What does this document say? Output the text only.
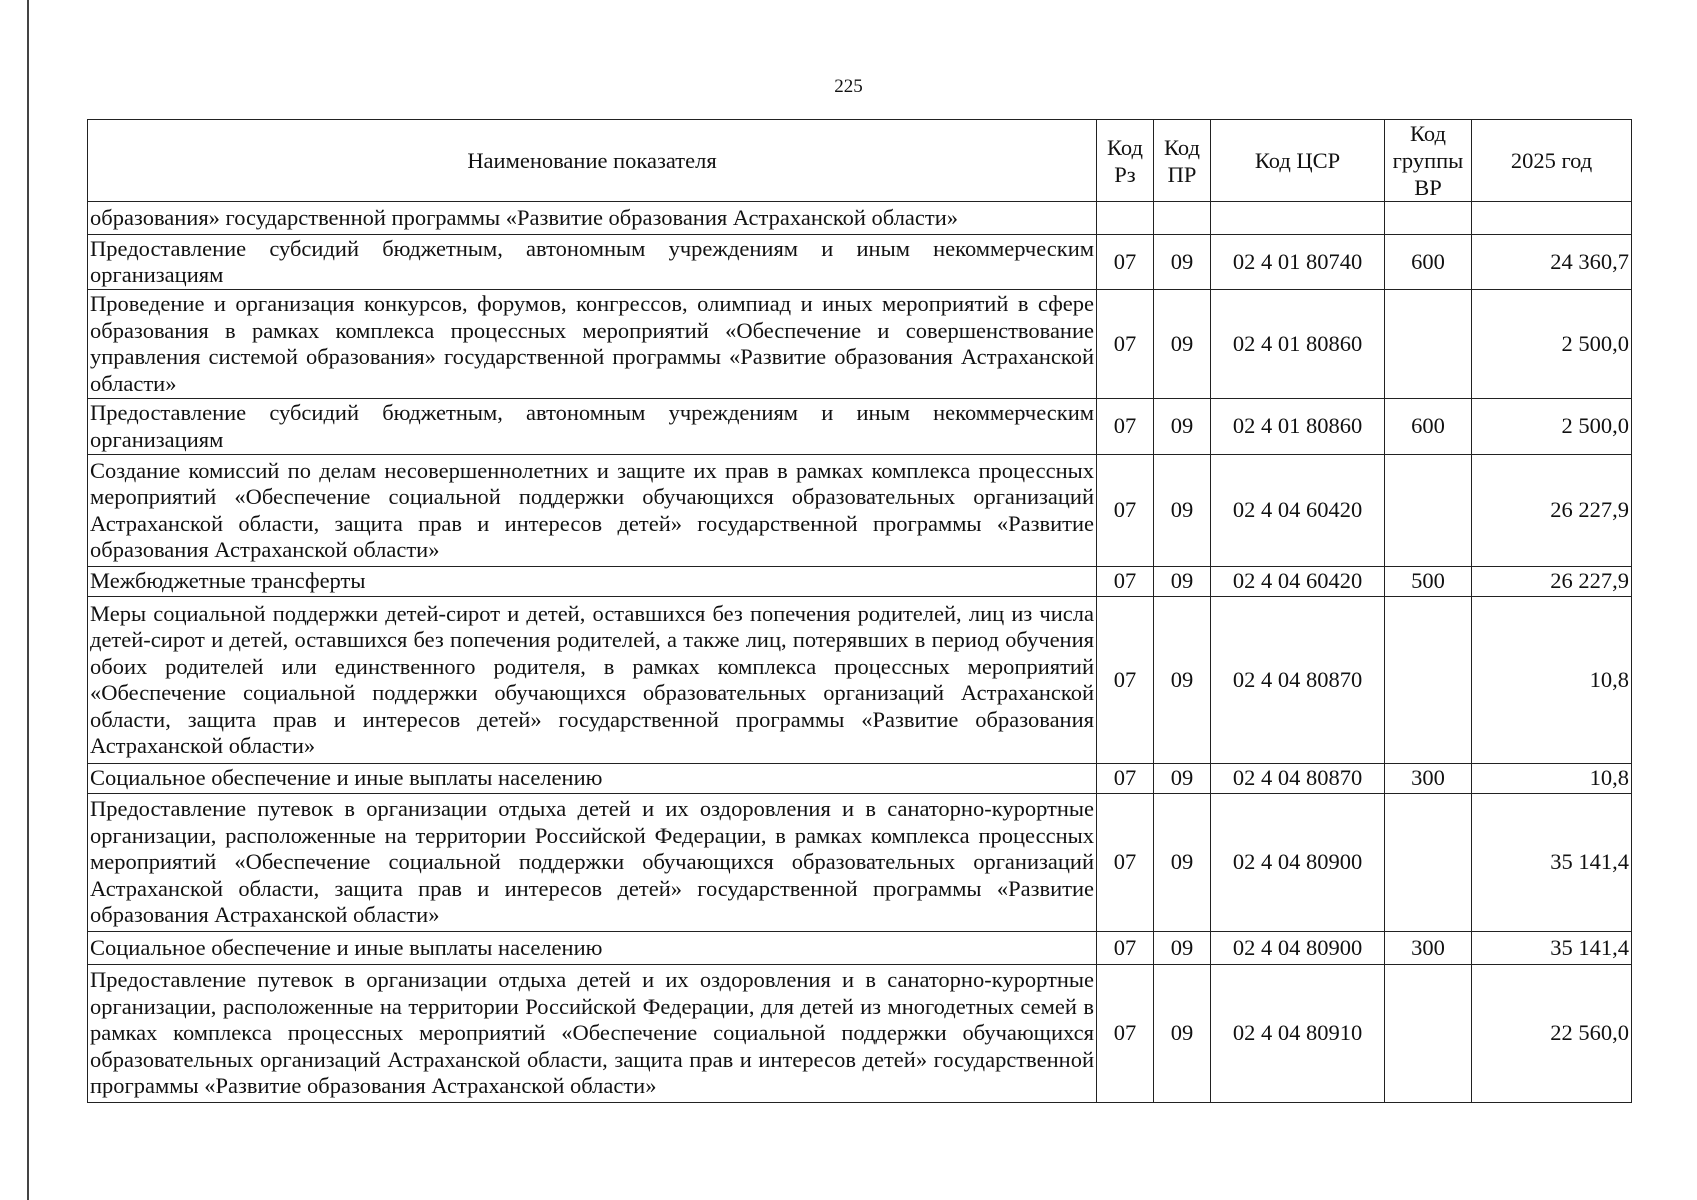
225
Наименование показателя	Код Рз	Код ПР	Код ЦСР	Код группы ВР	2025 год
образования» государственной программы «Развитие образования Астраханской области»					
Предоставление субсидий бюджетным, автономным учреждениям и иным некоммерческим организациям	07	09	02 4 01 80740	600	24 360,7
Проведение и организация конкурсов, форумов, конгрессов, олимпиад и иных мероприятий в сфере образования в рамках комплекса процессных мероприятий «Обеспечение и совершенствование управления системой образования» государственной программы «Развитие образования Астраханской области»	07	09	02 4 01 80860		2 500,0
Предоставление субсидий бюджетным, автономным учреждениям и иным некоммерческим организациям	07	09	02 4 01 80860	600	2 500,0
Создание комиссий по делам несовершеннолетних и защите их прав в рамках комплекса процессных мероприятий «Обеспечение социальной поддержки обучающихся образовательных организаций Астраханской области, защита прав и интересов детей» государственной программы «Развитие образования Астраханской области»	07	09	02 4 04 60420		26 227,9
Межбюджетные трансферты	07	09	02 4 04 60420	500	26 227,9
Меры социальной поддержки детей-сирот и детей, оставшихся без попечения родителей, лиц из числа детей-сирот и детей, оставшихся без попечения родителей, а также лиц, потерявших в период обучения обоих родителей или единственного родителя, в рамках комплекса процессных мероприятий «Обеспечение социальной поддержки обучающихся образовательных организаций Астраханской области, защита прав и интересов детей» государственной программы «Развитие образования Астраханской области»	07	09	02 4 04 80870		10,8
Социальное обеспечение и иные выплаты населению	07	09	02 4 04 80870	300	10,8
Предоставление путевок в организации отдыха детей и их оздоровления и в санаторно-курортные организации, расположенные на территории Российской Федерации, в рамках комплекса процессных мероприятий «Обеспечение социальной поддержки обучающихся образовательных организаций Астраханской области, защита прав и интересов детей» государственной программы «Развитие образования Астраханской области»	07	09	02 4 04 80900		35 141,4
Социальное обеспечение и иные выплаты населению	07	09	02 4 04 80900	300	35 141,4
Предоставление путевок в организации отдыха детей и их оздоровления и в санаторно-курортные организации, расположенные на территории Российской Федерации, для детей из многодетных семей в рамках комплекса процессных мероприятий «Обеспечение социальной поддержки обучающихся образовательных организаций Астраханской области, защита прав и интересов детей» государственной программы «Развитие образования Астраханской области»	07	09	02 4 04 80910		22 560,0
